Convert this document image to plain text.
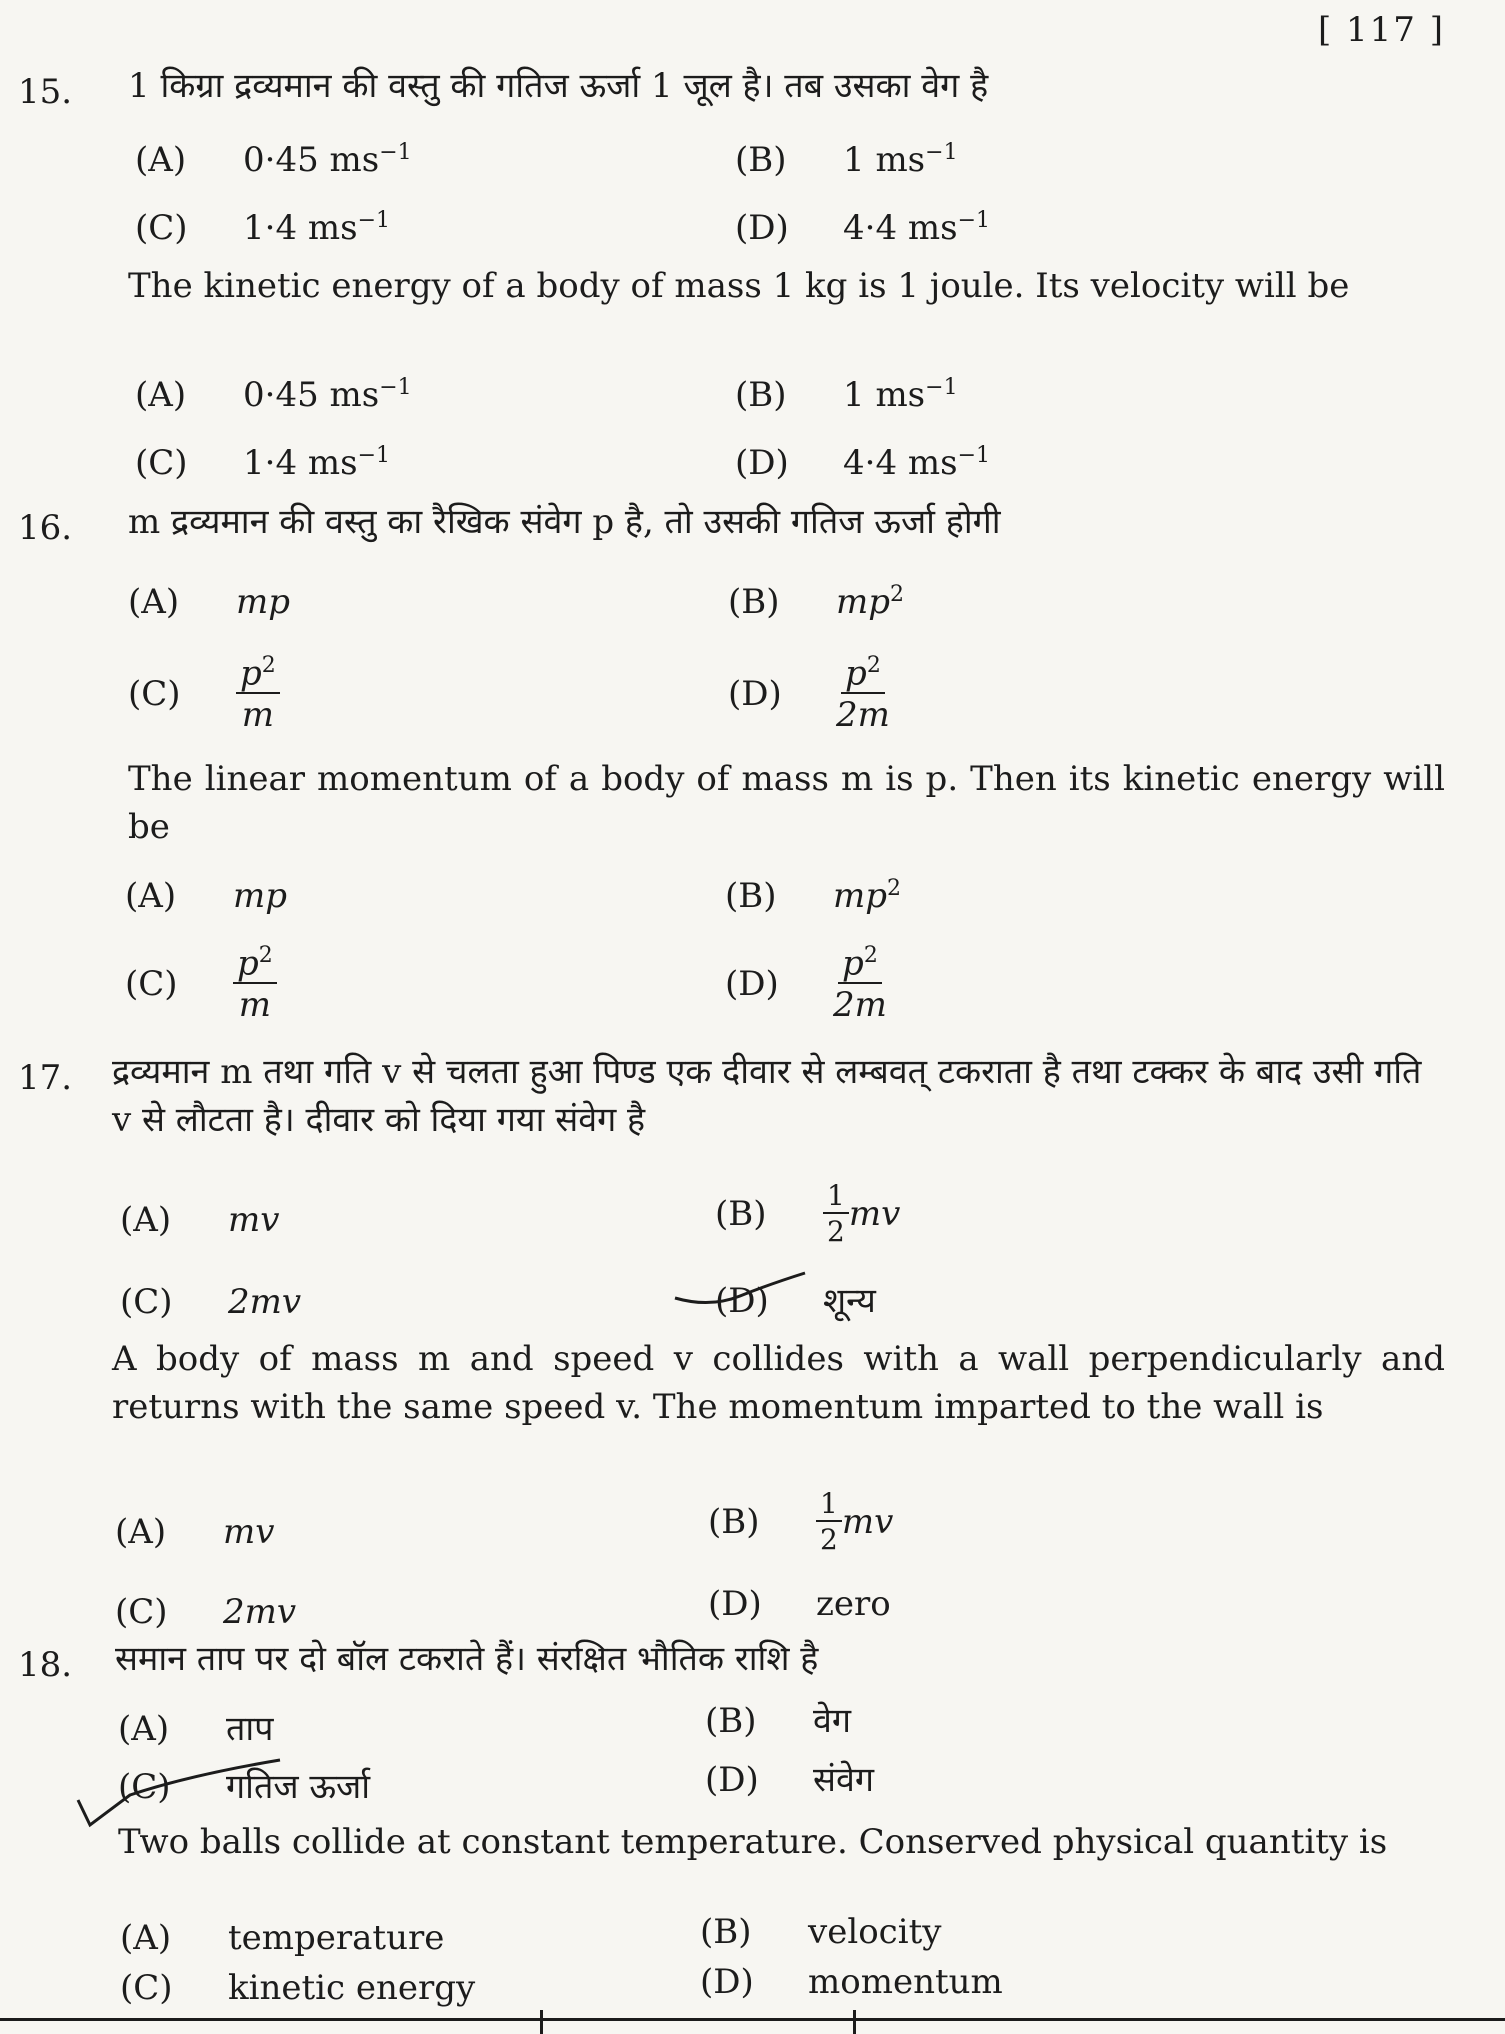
[ 117 ]
15. 1 किग्रा द्रव्यमान की वस्तु की गतिज ऊर्जा 1 जूल है। तब उसका वेग है
(A) 0·45 $ms^{-1}$	(B) 1 $ms^{-1}$
(C) 1·4 $ms^{-1}$	(D) 4·4 $ms^{-1}$
The kinetic energy of a body of mass 1 kg is 1 joule. Its velocity will be
(A) 0·45 $ms^{-1}$	(B) 1 $ms^{-1}$
(C) 1·4 $ms^{-1}$	(D) 4·4 $ms^{-1}$
16. m द्रव्यमान की वस्तु का रैखिक संवेग p है, तो उसकी गतिज ऊर्जा होगी
(A) mp	(B) $mp^2$
$(C) \frac{p^2}{m}$	$(D) \frac{p^2}{2m}$
The linear momentum of a body of mass m is p. Then its kinetic energy will be
(A) mp	(B) $mp^2$
$(C) \frac{p^2}{m}$	$(D) \frac{p^2}{2m}$
17. द्रव्यमान m तथा गति v से चलता हुआ पिण्ड एक दीवार से लम्बवत् टकराता है तथा टक्कर के बाद उसी गति v से लौटता है। दीवार को दिया गया संवेग है
(A) mv	$(B) \frac{1}{2}$ mv
(C) 2mv	(D) शून्य
A body of mass m and speed v collides with a wall perpendicularly and returns with the same speed v. The momentum imparted to the wall is
(A) mv	$(B) \frac{1}{2}$ mv
(C) 2mv	(D) zero
18. समान ताप पर दो बॉल टकराते हैं। संरक्षित भौतिक राशि है
(A) ताप	(B) वेग
(C) गतिज ऊर्जा	(D) संवेग
Two balls collide at constant temperature. Conserved physical quantity is
(A) temperature	(B) velocity
(C) kinetic energy	(D) momentum
